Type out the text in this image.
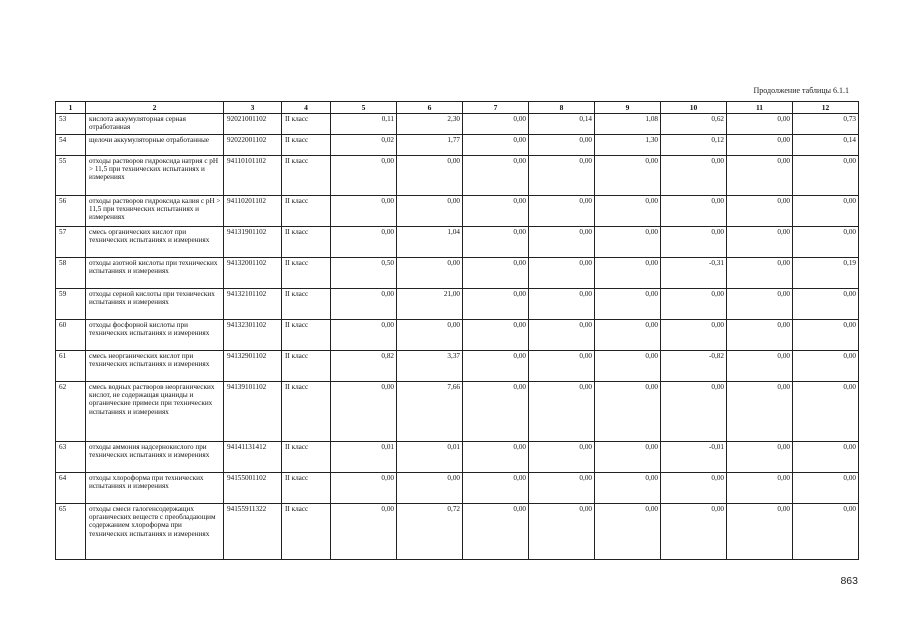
Продолжение таблицы 6.1.1
1	2	3	4	5	6	7	8	9	10	11	12
53	кислота аккумуляторная серная отработанная	92021001102	II класс	0,11	2,30	0,00	0,14	1,08	0,62	0,00	0,73
54	щелочи аккумуляторные отработанные	92022001102	II класс	0,02	1,77	0,00	0,00	1,30	0,12	0,00	0,14
55	отходы растворов гидроксида натрия с pH > 11,5 при технических испытаниях и измерениях	94110101102	II класс	0,00	0,00	0,00	0,00	0,00	0,00	0,00	0,00
56	отходы растворов гидроксида калия с pH > 11,5 при технических испытаниях и измерениях	94110201102	II класс	0,00	0,00	0,00	0,00	0,00	0,00	0,00	0,00
57	смесь органических кислот при технических испытаниях и измерениях	94131901102	II класс	0,00	1,04	0,00	0,00	0,00	0,00	0,00	0,00
58	отходы азотной кислоты при технических испытаниях и измерениях	94132001102	II класс	0,50	0,00	0,00	0,00	0,00	-0,31	0,00	0,19
59	отходы серной кислоты при технических испытаниях и измерениях	94132101102	II класс	0,00	21,00	0,00	0,00	0,00	0,00	0,00	0,00
60	отходы фосфорной кислоты при технических испытаниях и измерениях	94132301102	II класс	0,00	0,00	0,00	0,00	0,00	0,00	0,00	0,00
61	смесь неорганических кислот при технических испытаниях и измерениях	94132901102	II класс	0,82	3,37	0,00	0,00	0,00	-0,82	0,00	0,00
62	смесь водных растворов неорганических кислот, не содержащая цианиды и органические примеси при технических испытаниях и измерениях	94139101102	II класс	0,00	7,66	0,00	0,00	0,00	0,00	0,00	0,00
63	отходы аммония надсернокислого при технических испытаниях и измерениях	94141131412	II класс	0,01	0,01	0,00	0,00	0,00	-0,01	0,00	0,00
64	отходы хлороформа при технических испытаниях и измерениях	94155001102	II класс	0,00	0,00	0,00	0,00	0,00	0,00	0,00	0,00
65	отходы смеси галогенсодержащих органических веществ с преобладающим содержанием хлороформа при технических испытаниях и измерениях	94155911322	II класс	0,00	0,72	0,00	0,00	0,00	0,00	0,00	0,00
863
